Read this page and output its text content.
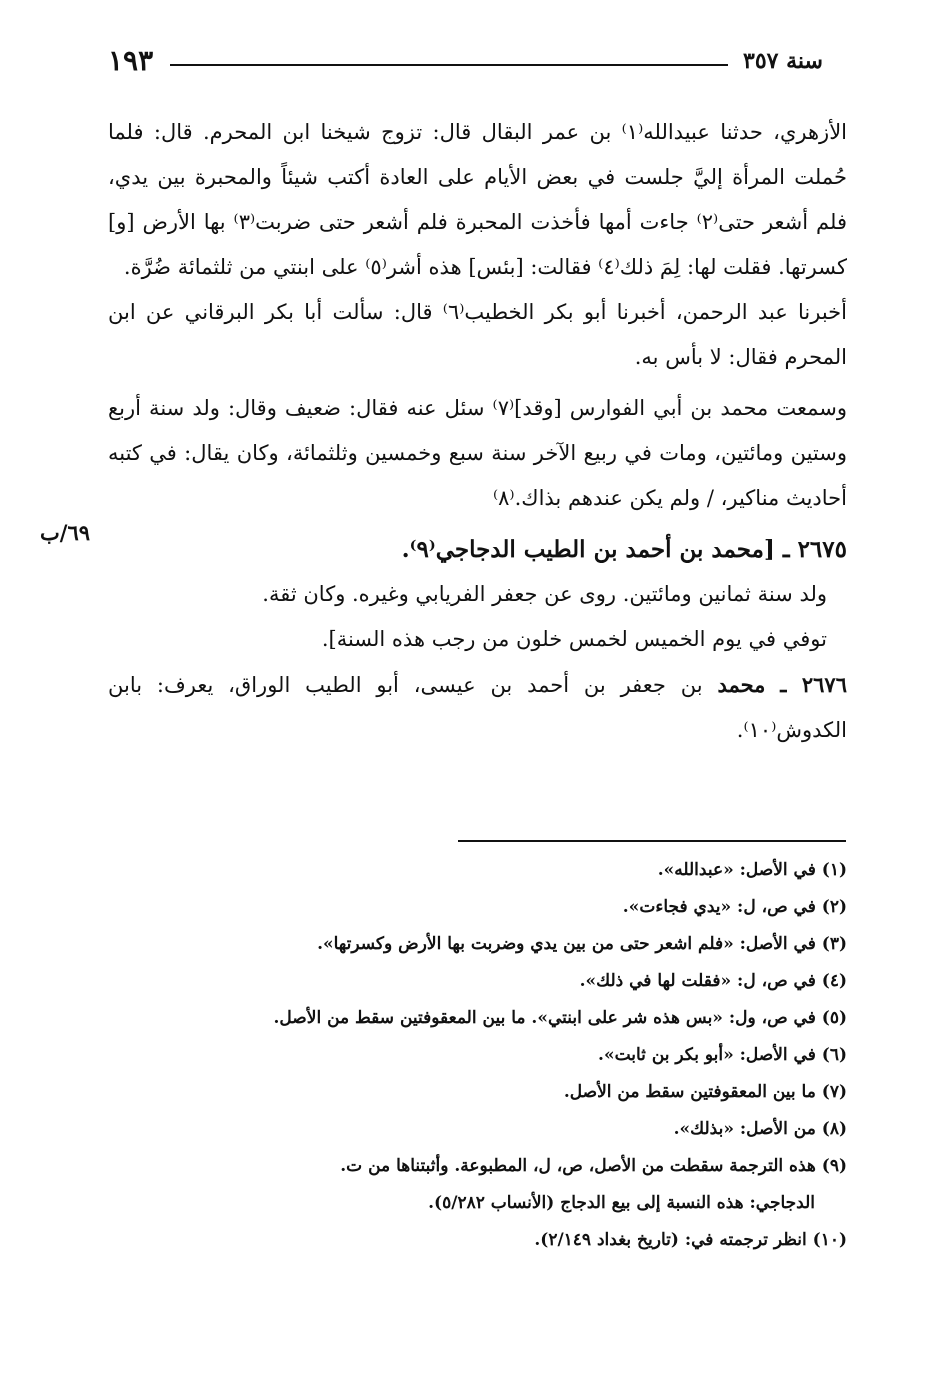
١٩٣	سنة ٣٥٧
٦٩/ب

الأزهري، حدثنا عبيدالله⁽١⁾ بن عمر البقال قال: تزوج شيخنا ابن المحرم. قال: فلما حُملت المرأة إليَّ جلست في بعض الأيام على العادة أكتب شيئاً والمحبرة بين يدي، فلم أشعر حتى⁽٢⁾ جاءت أمها فأخذت المحبرة فلم أشعر حتى ضربت⁽٣⁾ بها الأرض [و] كسرتها. فقلت لها: لِمَ ذلك⁽٤⁾ فقالت: [بئس] هذه أشر⁽٥⁾ على ابنتي من ثلثمائة ضُرَّة.

أخبرنا عبد الرحمن، أخبرنا أبو بكر الخطيب⁽٦⁾ قال: سألت أبا بكر البرقاني عن ابن المحرم فقال: لا بأس به.

وسمعت محمد بن أبي الفوارس [وقد]⁽٧⁾ سئل عنه فقال: ضعيف وقال: ولد سنة أربع وستين ومائتين، ومات في ربيع الآخر سنة سبع وخمسين وثلثمائة، وكان يقال: في كتبه أحاديث مناكير، / ولم يكن عندهم بذاك.⁽٨⁾

٢٦٧٥ ـ [محمد بن أحمد بن الطيب الدجاجي⁽٩⁾.

ولد سنة ثمانين ومائتين. روى عن جعفر الفريابي وغيره. وكان ثقة.

توفي في يوم الخميس لخمس خلون من رجب هذه السنة].

٢٦٧٦ ـ محمد بن جعفر بن أحمد بن عيسى، أبو الطيب الوراق، يعرف: بابن الكدوش⁽١٠⁾.

(١) في الأصل: «عبدالله».

(٢) في ص، ل: «يدي فجاءت».

(٣) في الأصل: «فلم اشعر حتى من بين يدي وضربت بها الأرض وكسرتها».

(٤) في ص، ل: «فقلت لها في ذلك».

(٥) في ص، ول: «بس هذه شر على ابنتي». ما بين المعقوفتين سقط من الأصل.

(٦) في الأصل: «أبو بكر بن ثابت».

(٧) ما بين المعقوفتين سقط من الأصل.

(٨) من الأصل: «بذلك».

(٩) هذه الترجمة سقطت من الأصل، ص، ل، المطبوعة. وأثبتناها من ت.

الدجاجي: هذه النسبة إلى بيع الدجاج (الأنساب ٥/٢٨٢).

(١٠) انظر ترجمته في: (تاريخ بغداد ٢/١٤٩).
